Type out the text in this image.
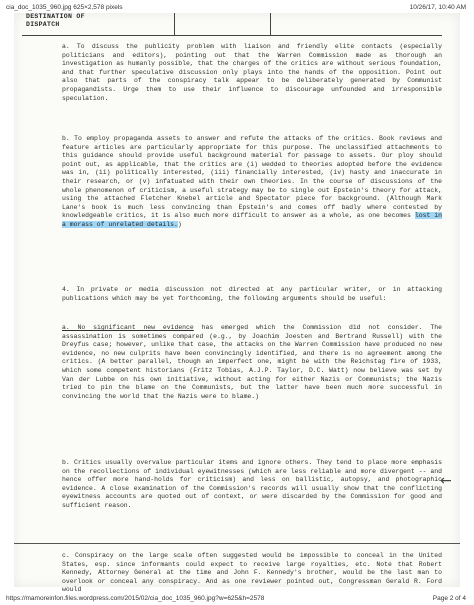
cia_doc_1035_960.jpg 625×2,578 pixels	10/26/17, 10:40 AM
DESTINATION OF
DISPATCH
a. To discuss the publicity problem with liaison and friendly elite contacts (especially politicians and editors), pointing out that the Warren Commission made as thorough an investigation as humanly possible, that the charges of the critics are without serious foundation, and that further speculative discussion only plays into the hands of the opposition. Point out also that parts of the conspiracy talk appear to be deliberately generated by Communist propagandists. Urge them to use their influence to discourage unfounded and irresponsible speculation.
b. To employ propaganda assets to answer and refute the attacks of the critics. Book reviews and feature articles are particularly appropriate for this purpose. The unclassified attachments to this guidance should provide useful background material for passage to assets. Our ploy should point out, as applicable, that the critics are (i) wedded to theories adopted before the evidence was in, (ii) politically interested, (iii) financially interested, (iv) hasty and inaccurate in their research, or (v) infatuated with their own theories. In the course of discussions of the whole phenomenon of criticism, a useful strategy may be to single out Epstein's theory for attack, using the attached Fletcher Knebel article and Spectator piece for background. (Although Mark Lane's book is much less convincing than Epstein's and comes off badly where contested by knowledgeable critics, it is also much more difficult to answer as a whole, as one becomes lost in a morass of unrelated details.)
4. In private or media discussion not directed at any particular writer, or in attacking publications which may be yet forthcoming, the following arguments should be useful:
a. No significant new evidence has emerged which the Commission did not consider. The assassination is sometimes compared (e.g., by Joachim Joesten and Bertrand Russell) with the Dreyfus case; however, unlike that case, the attacks on the Warren Commission have produced no new evidence, no new culprits have been convincingly identified, and there is no agreement among the critics. (A better parallel, though an imperfect one, might be with the Reichstag fire of 1933, which some competent historians (Fritz Tobias, A.J.P. Taylor, D.C. Watt) now believe was set by Van der Lubbe on his own initiative, without acting for either Nazis or Communists; the Nazis tried to pin the blame on the Communists, but the latter have been much more successful in convincing the world that the Nazis were to blame.)
b. Critics usually overvalue particular items and ignore others. They tend to place more emphasis on the recollections of individual eyewitnesses (which are less reliable and more divergent -- and hence offer more hand-holds for criticism) and less on ballistic, autopsy, and photographic evidence. A close examination of the Commission's records will usually show that the conflicting eyewitness accounts are quoted out of context, or were discarded by the Commission for good and sufficient reason.
←
c. Conspiracy on the large scale often suggested would be impossible to conceal in the United States, esp. since informants could expect to receive large royalties, etc. Note that Robert Kennedy, Attorney General at the time and John F. Kennedy's brother, would be the last man to overlook or conceal any conspiracy. And as one reviewer pointed out, Congressman Gerald R. Ford would
https://mamoreinfon.files.wordpress.com/2015/02/cia_doc_1035_960.jpg?w=625&h=2578	Page 2 of 4
